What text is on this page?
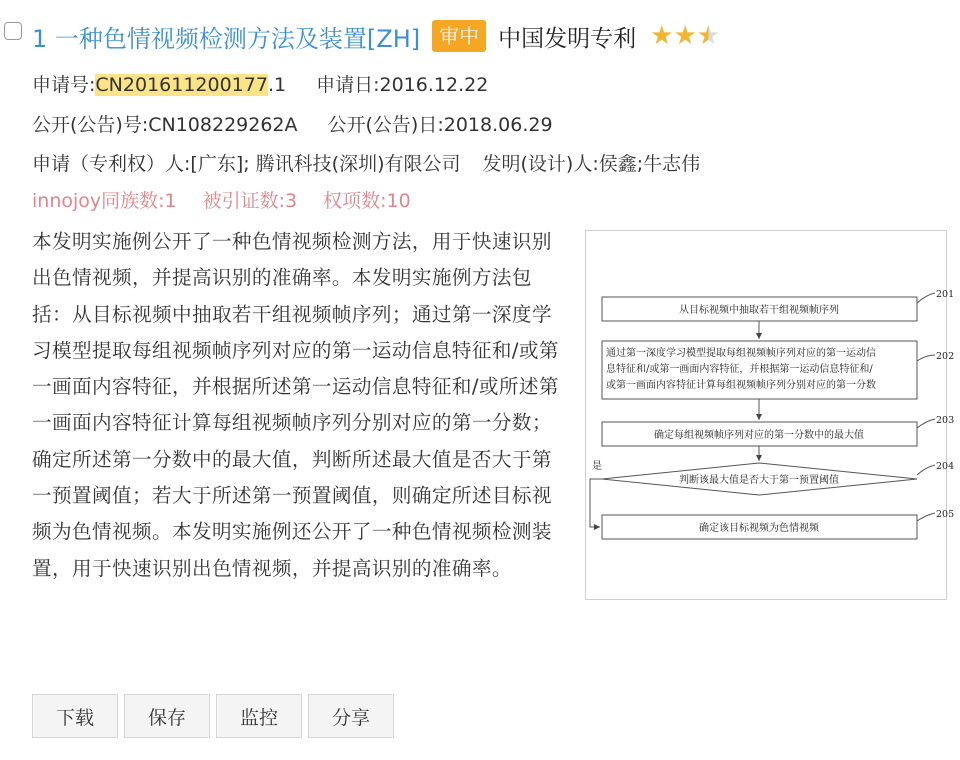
1 一种色情视频检测方法及装置[ZH] 审中 中国发明专利 ★ ★ ★
申请号:CN201611200177.1 申请日:2016.12.22
公开(公告)号:CN108229262A 公开(公告)日:2018.06.29
申请（专利权）人:[广东]; 腾讯科技(深圳)有限公司 发明(设计)人:侯鑫;牛志伟
innojoy同族数:1 被引证数:3 权项数:10
本发明实施例公开了一种色情视频检测方法，用于快速识别出色情视频，并提高识别的准确率。本发明实施例方法包括：从目标视频中抽取若干组视频帧序列；通过第一深度学习模型提取每组视频帧序列对应的第一运动信息特征和/或第一画面内容特征，并根据所述第一运动信息特征和/或所述第一画面内容特征计算每组视频帧序列分别对应的第一分数；确定所述第一分数中的最大值，判断所述最大值是否大于第一预置阈值；若大于所述第一预置阈值，则确定所述目标视频为色情视频。本发明实施例还公开了一种色情视频检测装置，用于快速识别出色情视频，并提高识别的准确率。
从目标视频中抽取若干组视频帧序列
通过第一深度学习模型提取每组视频帧序列对应的第一运动信
息特征和/或第一画面内容特征，并根据第一运动信息特征和/
或第一画面内容特征计算每组视频帧序列分别对应的第一分数
确定每组视频帧序列对应的第一分数中的最大值
判断该最大值是否大于第一预置阈值
确定该目标视频为色情视频
是
201
202
203
204
205
下载	保存	监控	分享
